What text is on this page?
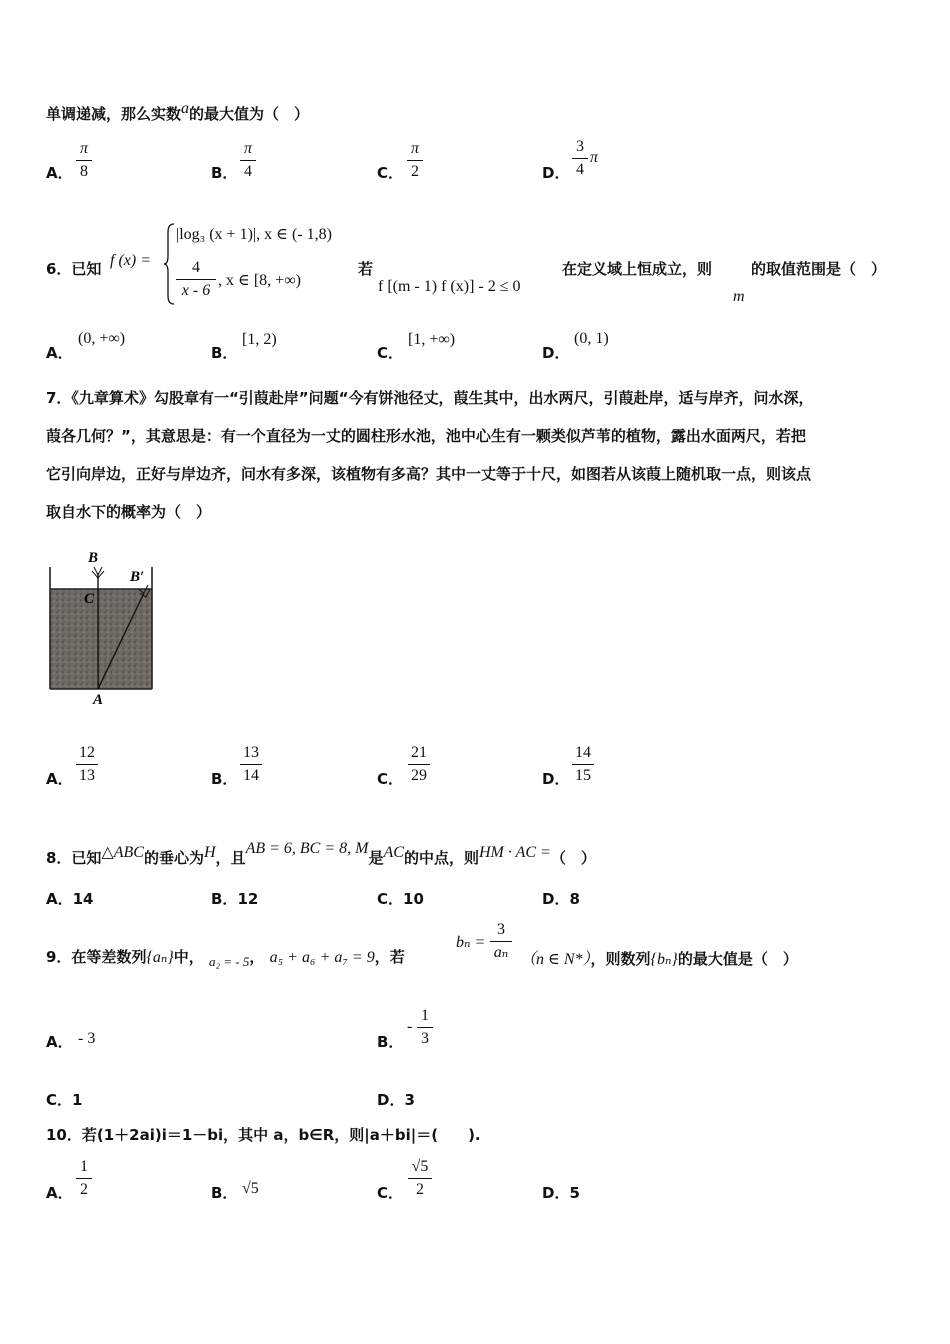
单调递减，那么实数a的最大值为（　）
A．
π
8	B．
π
4	C．
π
2	D．
3
4
π
6．已知 f (x) =
|log₃ (x + 1)|, x ∈ (- 1,8)
4
x - 6
, x ∈ [8, +∞)
若
f [(m - 1) f (x)] - 2 ≤ 0
在定义域上恒成立，则
m
的取值范围是（　）
A．
(0, +∞)
B．
[1, 2)
C．
[1, +∞)
D．
(0, 1)

7．《九章算术》勾股章有一“引葭赴岸”问题“今有饼池径丈，葭生其中，出水两尺，引葭赴岸，适与岸齐，问水深，

葭各几何？”，其意思是：有一个直径为一丈的圆柱形水池，池中心生有一颗类似芦苇的植物，露出水面两尺，若把

它引向岸边，正好与岸边齐，问水有多深，该植物有多高？其中一丈等于十尺，如图若从该葭上随机取一点，则该点

取自水下的概率为（　）

B
B′
C
A
A．
12
13	B．
13
14	C．
21
29	D．
14
15
8．已知△ABC的垂心为H，且AB = 6, BC = 8, M是AC的中点，则HM · AC =（　）
A．14	B．12	C．10	D．8
9．在等差数列{aₙ}中， a₂ = - 5， a₅ + a₆ + a₇ = 9，若
bₙ =
3
aₙ （n ∈ N*），则数列{bₙ}的最大值是（　）
A． - 3	B．
-
1
3
C．1	D．3
10．若(1＋2ai)i＝1－bi，其中 a，b∈R，则|a＋bi|＝(　　).
A．
1
2	B． √5	C．
√5
2	D．5
